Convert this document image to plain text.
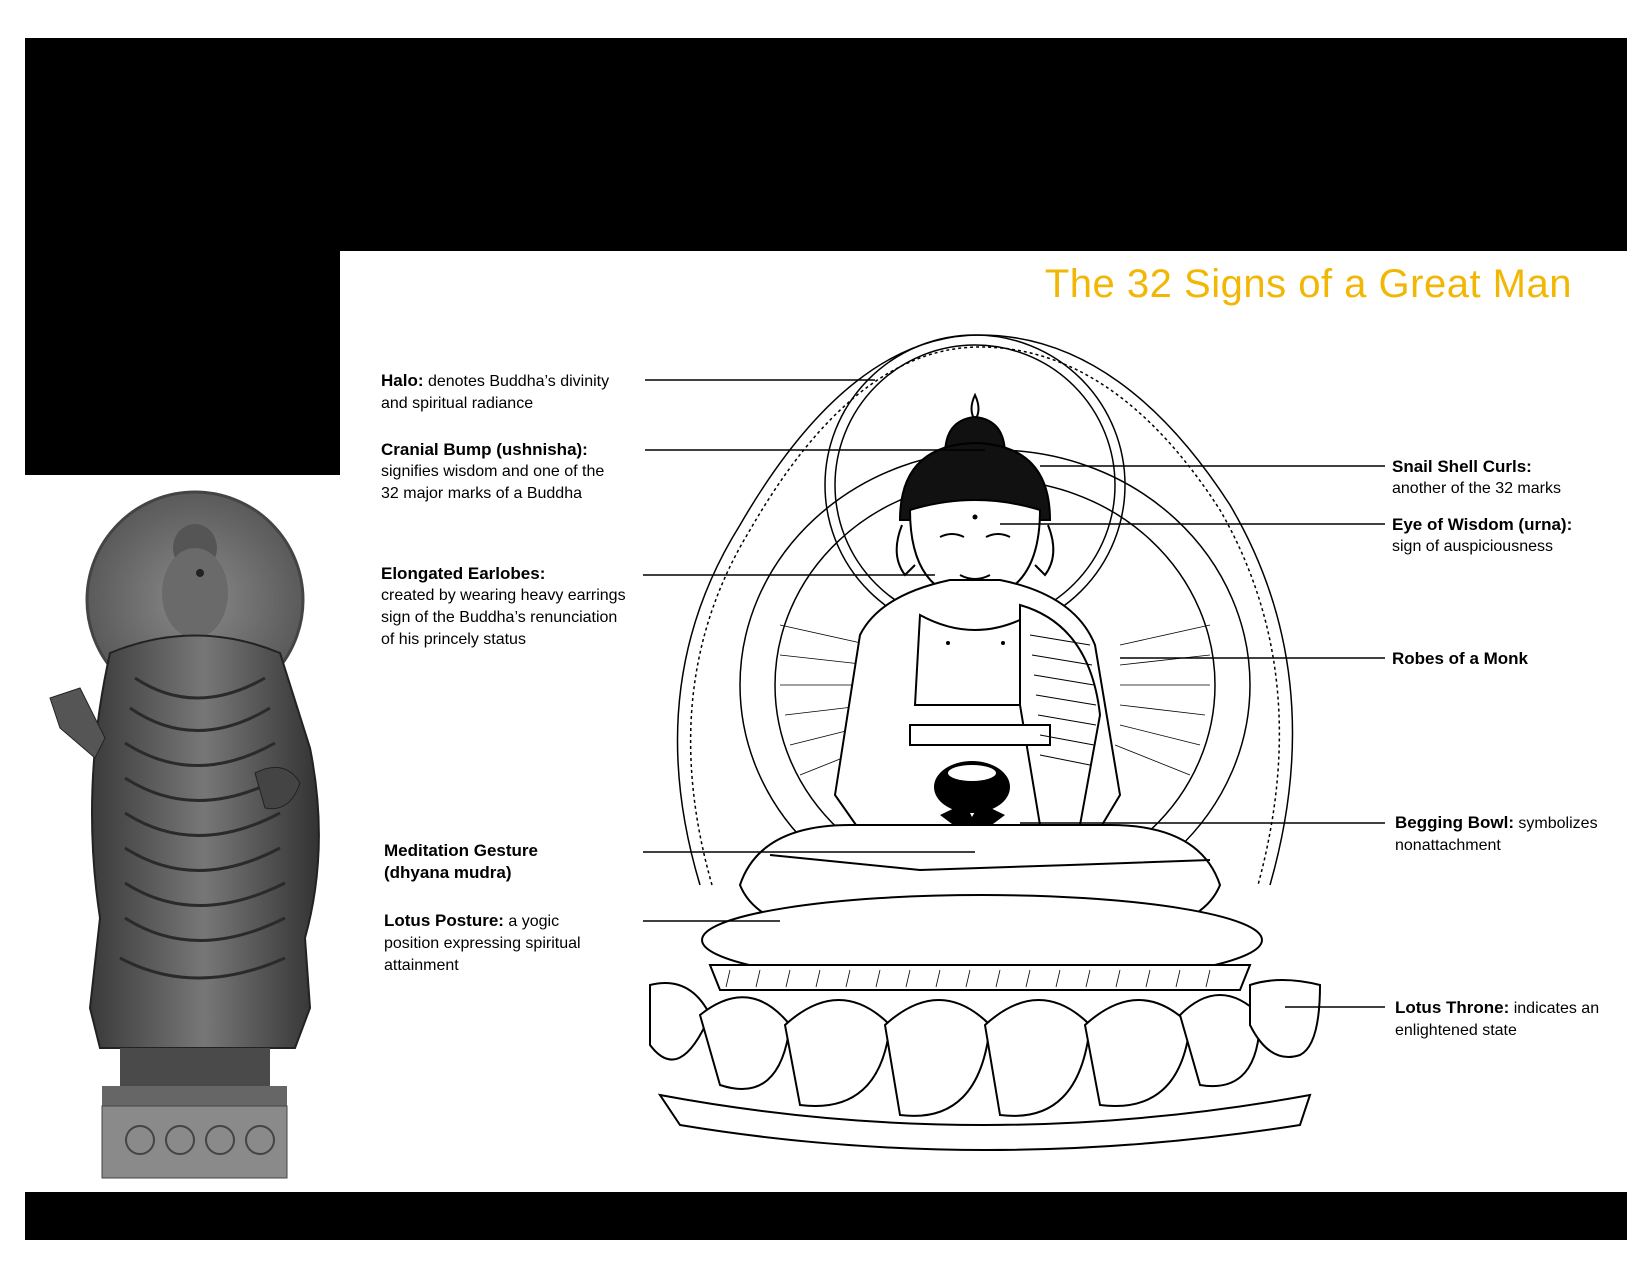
The 32 Signs of a Great Man
Halo: denotes Buddha’s divinity
and spiritual radiance
Cranial Bump (ushnisha):
signifies wisdom and one of the
32 major marks of a Buddha
Elongated Earlobes:
created by wearing heavy earrings
sign of the Buddha’s renunciation
of his princely status
Meditation Gesture
(dhyana mudra)
Lotus Posture: a yogic
position expressing spiritual
attainment
Snail Shell Curls:
another of the 32 marks
Eye of Wisdom (urna):
sign of auspiciousness
Robes of a Monk
Begging Bowl: symbolizes
nonattachment
Lotus Throne: indicates an
enlightened state
